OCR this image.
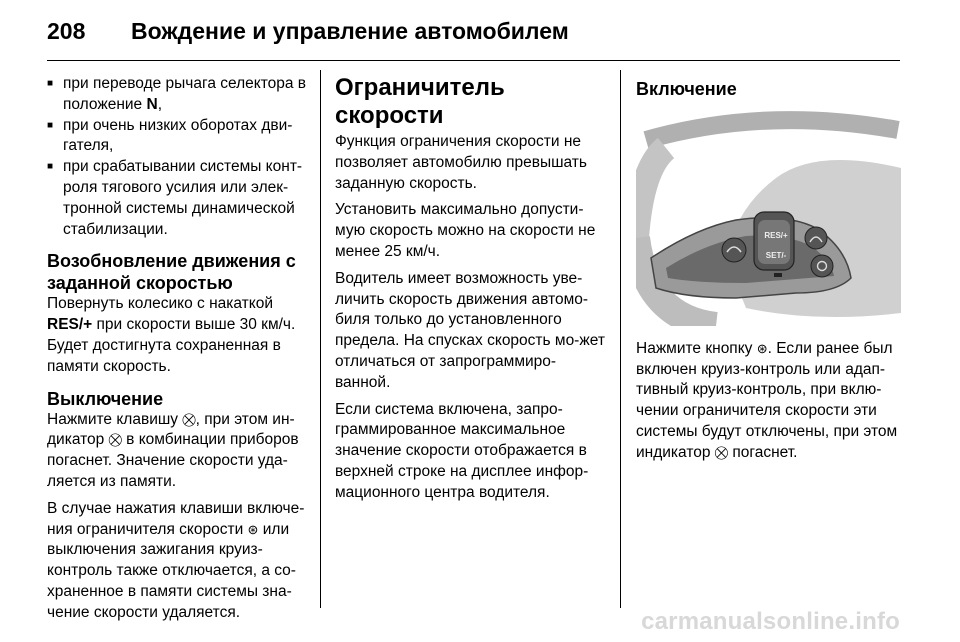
208	Вождение и управление автомобилем
■ при переводе рычага селектора в положение N,
■ при очень низких оборотах дви-гателя,
■ при срабатывании системы конт-роля тягового усилия или элек-тронной системы динамической стабилизации.
Возобновление движения с заданной скоростью

Повернуть колесико с накаткой RES/+ при скорости выше 30 км/ч. Будет достигнута сохраненная в памяти скорость.

Выключение

Нажмите клавишу ⛒, при этом ин-дикатор ⛒ в комбинации приборов погаснет. Значение скорости уда-ляется из памяти.

В случае нажатия клавиши включе-ния ограничителя скорости ⊛ или выключения зажигания круиз-контроль также отключается, а со-храненное в памяти системы зна-чение скорости удаляется.

Ограничитель скорости

Функция ограничения скорости не позволяет автомобилю превышать заданную скорость.

Установить максимально допусти-мую скорость можно на скорости не менее 25 км/ч.

Водитель имеет возможность уве-личить скорость движения автомо-биля только до установленного предела. На спусках скорость мо-жет отличаться от запрограммиро-ванной.

Если система включена, запро-граммированное максимальное значение скорости отображается в верхней строке на дисплее инфор-мационного центра водителя.

Включение
RES/+
SET/-

Нажмите кнопку ⊛. Если ранее был включен круиз-контроль или адап-тивный круиз-контроль, при вклю-чении ограничителя скорости эти системы будут отключены, при этом индикатор ⛒ погаснет.

carmanualsonline.info
